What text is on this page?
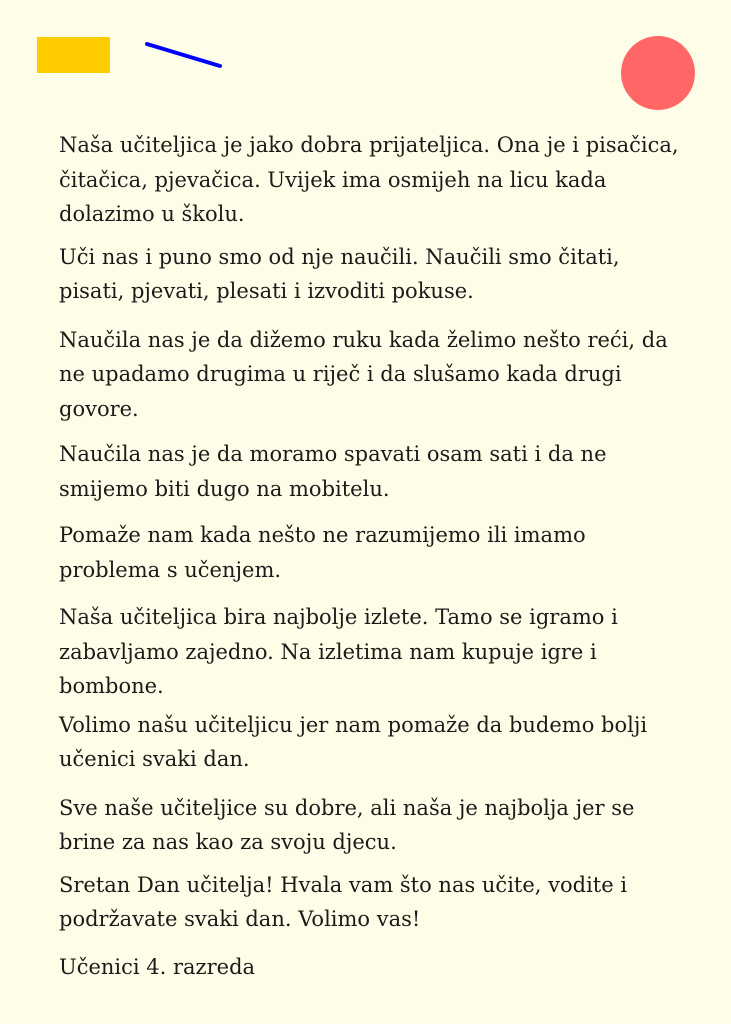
Naša učiteljica je jako dobra prijateljica. Ona je i pisačica, čitačica, pjevačica. Uvijek ima osmijeh na licu kada dolazimo u školu.

Uči nas i puno smo od nje naučili. Naučili smo čitati, pisati, pjevati, plesati i izvoditi pokuse.

Naučila nas je da dižemo ruku kada želimo nešto reći, da ne upadamo drugima u riječ i da slušamo kada drugi govore.

Naučila nas je da moramo spavati osam sati i da ne smijemo biti dugo na mobitelu.

Pomaže nam kada nešto ne razumijemo ili imamo problema s učenjem.

Naša učiteljica bira najbolje izlete. Tamo se igramo i zabavljamo zajedno. Na izletima nam kupuje igre i bombone.

Volimo našu učiteljicu jer nam pomaže da budemo bolji učenici svaki dan.

Sve naše učiteljice su dobre, ali naša je najbolja jer se brine za nas kao za svoju djecu.

Sretan Dan učitelja! Hvala vam što nas učite, vodite i podržavate svaki dan. Volimo vas!

Učenici 4. razreda
